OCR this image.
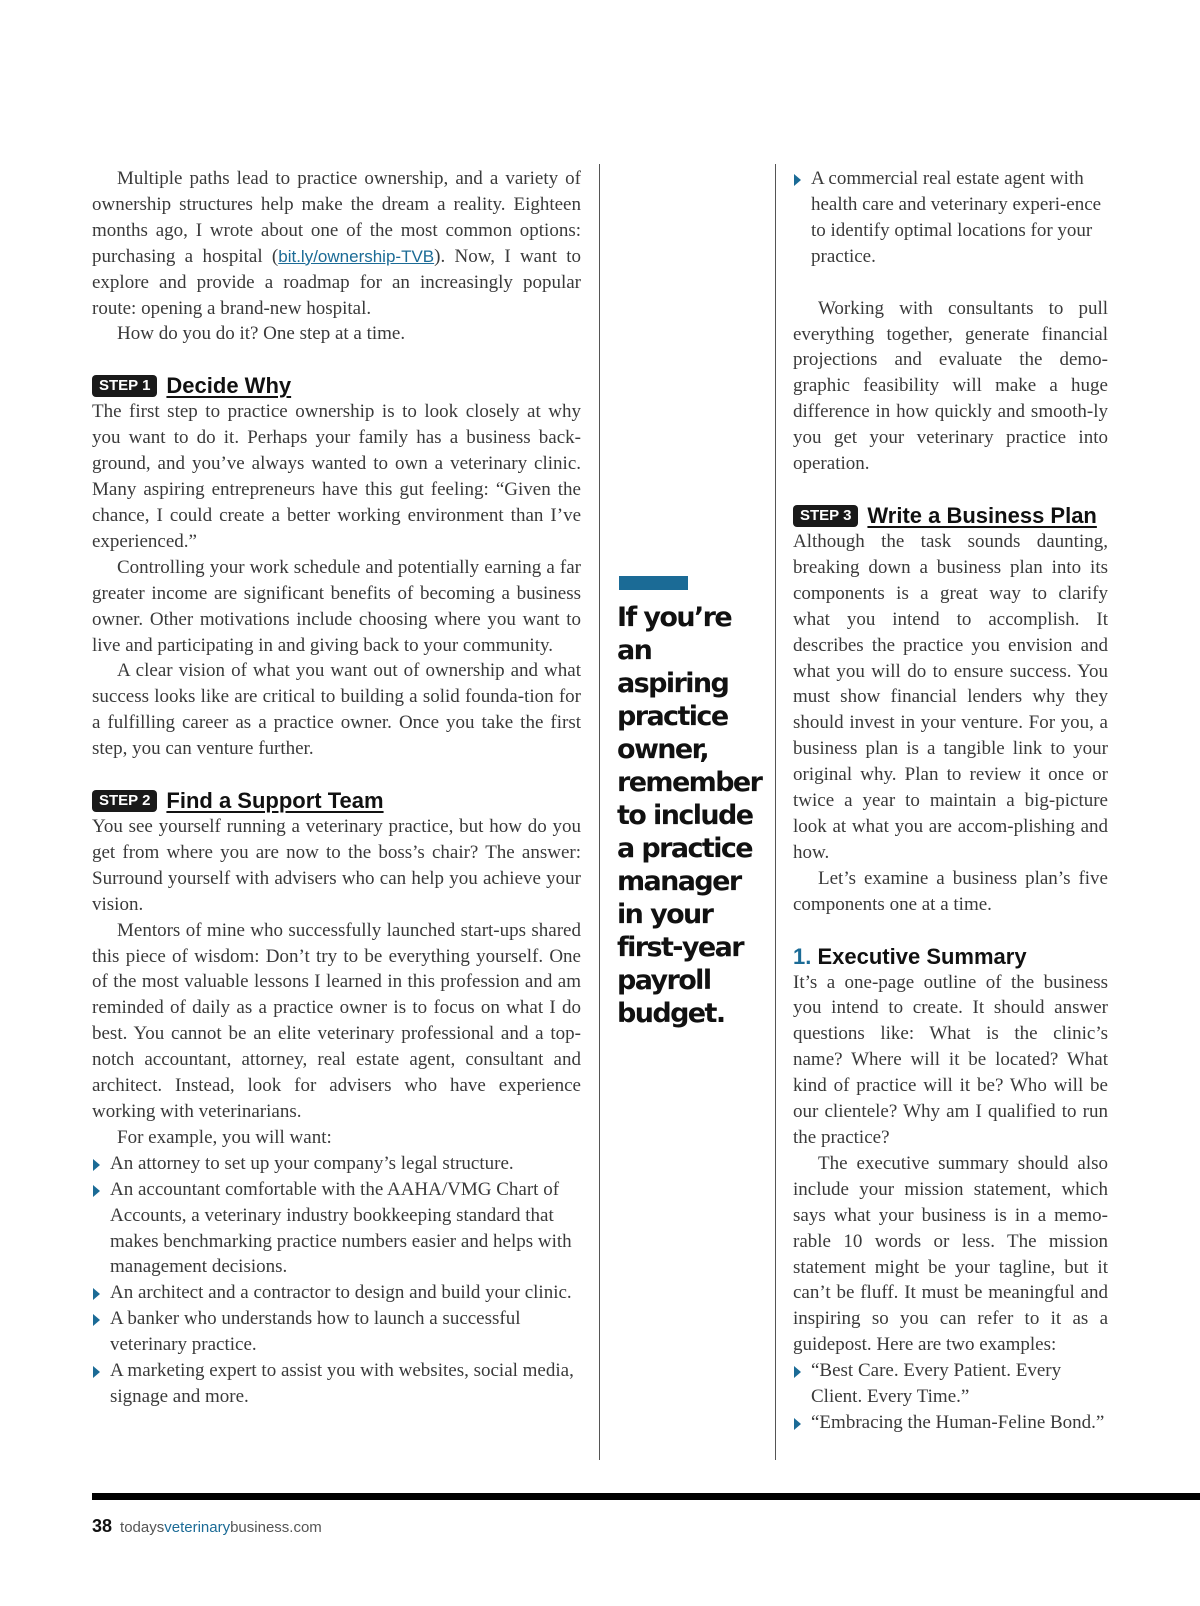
Multiple paths lead to practice ownership, and a variety of ownership structures help make the dream a reality. Eighteen months ago, I wrote about one of the most common options: purchasing a hospital (bit.ly/ownership-TVB). Now, I want to explore and provide a roadmap for an increasingly popular route: opening a brand-new hospital.

How do you do it? One step at a time.

STEP 1 Decide Why

The first step to practice ownership is to look closely at why you want to do it. Perhaps your family has a business back-ground, and you’ve always wanted to own a veterinary clinic. Many aspiring entrepreneurs have this gut feeling: “Given the chance, I could create a better working environment than I’ve experienced.”

Controlling your work schedule and potentially earning a far greater income are significant benefits of becoming a business owner. Other motivations include choosing where you want to live and participating in and giving back to your community.

A clear vision of what you want out of ownership and what success looks like are critical to building a solid founda-tion for a fulfilling career as a practice owner. Once you take the first step, you can venture further.

STEP 2 Find a Support Team

You see yourself running a veterinary practice, but how do you get from where you are now to the boss’s chair? The answer: Surround yourself with advisers who can help you achieve your vision.

Mentors of mine who successfully launched start-ups shared this piece of wisdom: Don’t try to be everything yourself. One of the most valuable lessons I learned in this profession and am reminded of daily as a practice owner is to focus on what I do best. You cannot be an elite veterinary professional and a top-notch accountant, attorney, real estate agent, consultant and architect. Instead, look for advisers who have experience working with veterinarians.

For example, you will want:

An attorney to set up your company’s legal structure.
An accountant comfortable with the AAHA/VMG Chart of Accounts, a veterinary industry bookkeeping standard that makes benchmarking practice numbers easier and helps with management decisions.
An architect and a contractor to design and build your clinic.
A banker who understands how to launch a successful veterinary practice.
A marketing expert to assist you with websites, social media, signage and more.

If you’re an aspiring practice owner, remember to include a practice manager in your first-year payroll budget.

A commercial real estate agent with health care and veterinary experi-ence to identify optimal locations for your practice.

Working with consultants to pull everything together, generate financial projections and evaluate the demo-graphic feasibility will make a huge difference in how quickly and smooth-ly you get your veterinary practice into operation.

STEP 3 Write a Business Plan

Although the task sounds daunting, breaking down a business plan into its components is a great way to clarify what you intend to accomplish. It describes the practice you envision and what you will do to ensure success. You must show financial lenders why they should invest in your venture. For you, a business plan is a tangible link to your original why. Plan to review it once or twice a year to maintain a big-picture look at what you are accom-plishing and how.

Let’s examine a business plan’s five components one at a time.

1. Executive Summary

It’s a one-page outline of the business you intend to create. It should answer questions like: What is the clinic’s name? Where will it be located? What kind of practice will it be? Who will be our clientele? Why am I qualified to run the practice?

The executive summary should also include your mission statement, which says what your business is in a memo-rable 10 words or less. The mission statement might be your tagline, but it can’t be fluff. It must be meaningful and inspiring so you can refer to it as a guidepost. Here are two examples:

“Best Care. Every Patient. Every Client. Every Time.”
“Embracing the Human-Feline Bond.”
38 todaysveterinarybusiness.com
